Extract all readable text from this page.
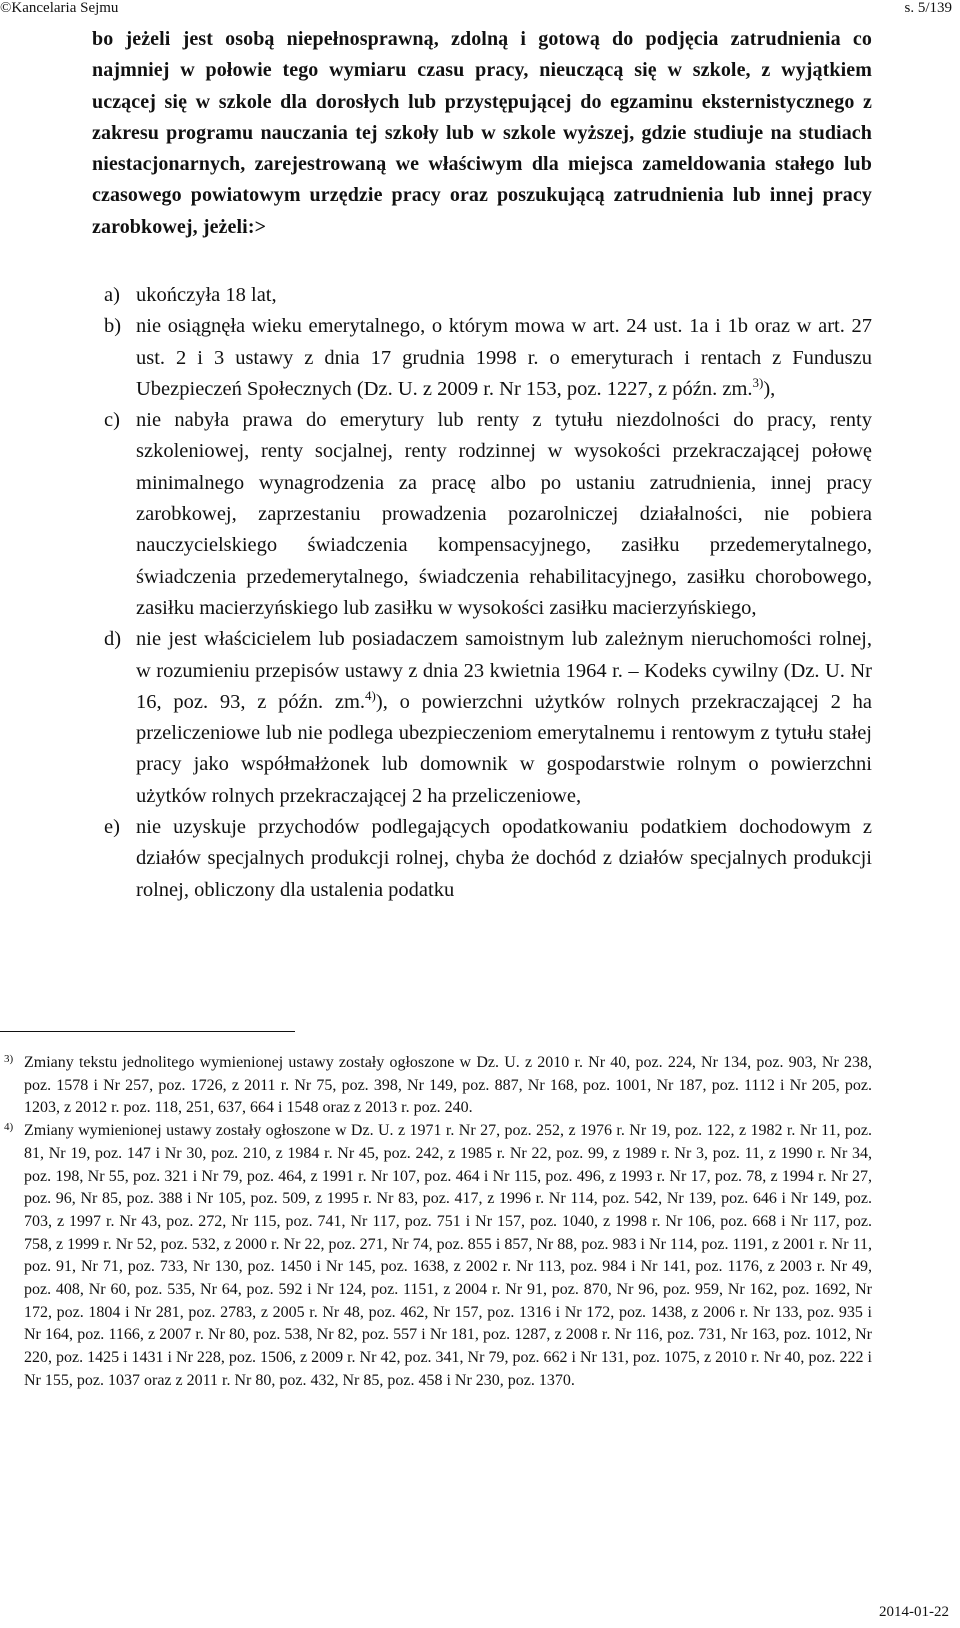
©Kancelaria Sejmu	s. 5/139

bo jeżeli jest osobą niepełnosprawną, zdolną i gotową do podjęcia zatrudnienia co najmniej w połowie tego wymiaru czasu pracy, nieuczącą się w szkole, z wyjątkiem uczącej się w szkole dla dorosłych lub przystępującej do egzaminu eksternistycznego z zakresu programu nauczania tej szkoły lub w szkole wyższej, gdzie studiuje na studiach niestacjonarnych, zarejestrowaną we właściwym dla miejsca zameldowania stałego lub czasowego powiatowym urzędzie pracy oraz poszukującą zatrudnienia lub innej pracy zarobkowej, jeżeli:>

a) ukończyła 18 lat,

b) nie osiągnęła wieku emerytalnego, o którym mowa w art. 24 ust. 1a i 1b oraz w art. 27 ust. 2 i 3 ustawy z dnia 17 grudnia 1998 r. o emeryturach i rentach z Funduszu Ubezpieczeń Społecznych (Dz. U. z 2009 r. Nr 153, poz. 1227, z późn. zm.$^{3)}$),

c) nie nabyła prawa do emerytury lub renty z tytułu niezdolności do pracy, renty szkoleniowej, renty socjalnej, renty rodzinnej w wysokości przekraczającej połowę minimalnego wynagrodzenia za pracę albo po ustaniu zatrudnienia, innej pracy zarobkowej, zaprzestaniu prowadzenia pozarolniczej działalności, nie pobiera nauczycielskiego świadczenia kompensacyjnego, zasiłku przedemerytalnego, świadczenia przedemerytalnego, świadczenia rehabilitacyjnego, zasiłku chorobowego, zasiłku macierzyńskiego lub zasiłku w wysokości zasiłku macierzyńskiego,

d) nie jest właścicielem lub posiadaczem samoistnym lub zależnym nieruchomości rolnej, w rozumieniu przepisów ustawy z dnia 23 kwietnia 1964 r. – Kodeks cywilny (Dz. U. Nr 16, poz. 93, z późn. zm.$^{4)}$), o powierzchni użytków rolnych przekraczającej 2 ha przeliczeniowe lub nie podlega ubezpieczeniom emerytalnemu i rentowym z tytułu stałej pracy jako współmałżonek lub domownik w gospodarstwie rolnym o powierzchni użytków rolnych przekraczającej 2 ha przeliczeniowe,

e) nie uzyskuje przychodów podlegających opodatkowaniu podatkiem dochodowym z działów specjalnych produkcji rolnej, chyba że dochód z działów specjalnych produkcji rolnej, obliczony dla ustalenia podatku

3) Zmiany tekstu jednolitego wymienionej ustawy zostały ogłoszone w Dz. U. z 2010 r. Nr 40, poz. 224, Nr 134, poz. 903, Nr 238, poz. 1578 i Nr 257, poz. 1726, z 2011 r. Nr 75, poz. 398, Nr 149, poz. 887, Nr 168, poz. 1001, Nr 187, poz. 1112 i Nr 205, poz. 1203, z 2012 r. poz. 118, 251, 637, 664 i 1548 oraz z 2013 r. poz. 240.

4) Zmiany wymienionej ustawy zostały ogłoszone w Dz. U. z 1971 r. Nr 27, poz. 252, z 1976 r. Nr 19, poz. 122, z 1982 r. Nr 11, poz. 81, Nr 19, poz. 147 i Nr 30, poz. 210, z 1984 r. Nr 45, poz. 242, z 1985 r. Nr 22, poz. 99, z 1989 r. Nr 3, poz. 11, z 1990 r. Nr 34, poz. 198, Nr 55, poz. 321 i Nr 79, poz. 464, z 1991 r. Nr 107, poz. 464 i Nr 115, poz. 496, z 1993 r. Nr 17, poz. 78, z 1994 r. Nr 27, poz. 96, Nr 85, poz. 388 i Nr 105, poz. 509, z 1995 r. Nr 83, poz. 417, z 1996 r. Nr 114, poz. 542, Nr 139, poz. 646 i Nr 149, poz. 703, z 1997 r. Nr 43, poz. 272, Nr 115, poz. 741, Nr 117, poz. 751 i Nr 157, poz. 1040, z 1998 r. Nr 106, poz. 668 i Nr 117, poz. 758, z 1999 r. Nr 52, poz. 532, z 2000 r. Nr 22, poz. 271, Nr 74, poz. 855 i 857, Nr 88, poz. 983 i Nr 114, poz. 1191, z 2001 r. Nr 11, poz. 91, Nr 71, poz. 733, Nr 130, poz. 1450 i Nr 145, poz. 1638, z 2002 r. Nr 113, poz. 984 i Nr 141, poz. 1176, z 2003 r. Nr 49, poz. 408, Nr 60, poz. 535, Nr 64, poz. 592 i Nr 124, poz. 1151, z 2004 r. Nr 91, poz. 870, Nr 96, poz. 959, Nr 162, poz. 1692, Nr 172, poz. 1804 i Nr 281, poz. 2783, z 2005 r. Nr 48, poz. 462, Nr 157, poz. 1316 i Nr 172, poz. 1438, z 2006 r. Nr 133, poz. 935 i Nr 164, poz. 1166, z 2007 r. Nr 80, poz. 538, Nr 82, poz. 557 i Nr 181, poz. 1287, z 2008 r. Nr 116, poz. 731, Nr 163, poz. 1012, Nr 220, poz. 1425 i 1431 i Nr 228, poz. 1506, z 2009 r. Nr 42, poz. 341, Nr 79, poz. 662 i Nr 131, poz. 1075, z 2010 r. Nr 40, poz. 222 i Nr 155, poz. 1037 oraz z 2011 r. Nr 80, poz. 432, Nr 85, poz. 458 i Nr 230, poz. 1370.

2014-01-22
